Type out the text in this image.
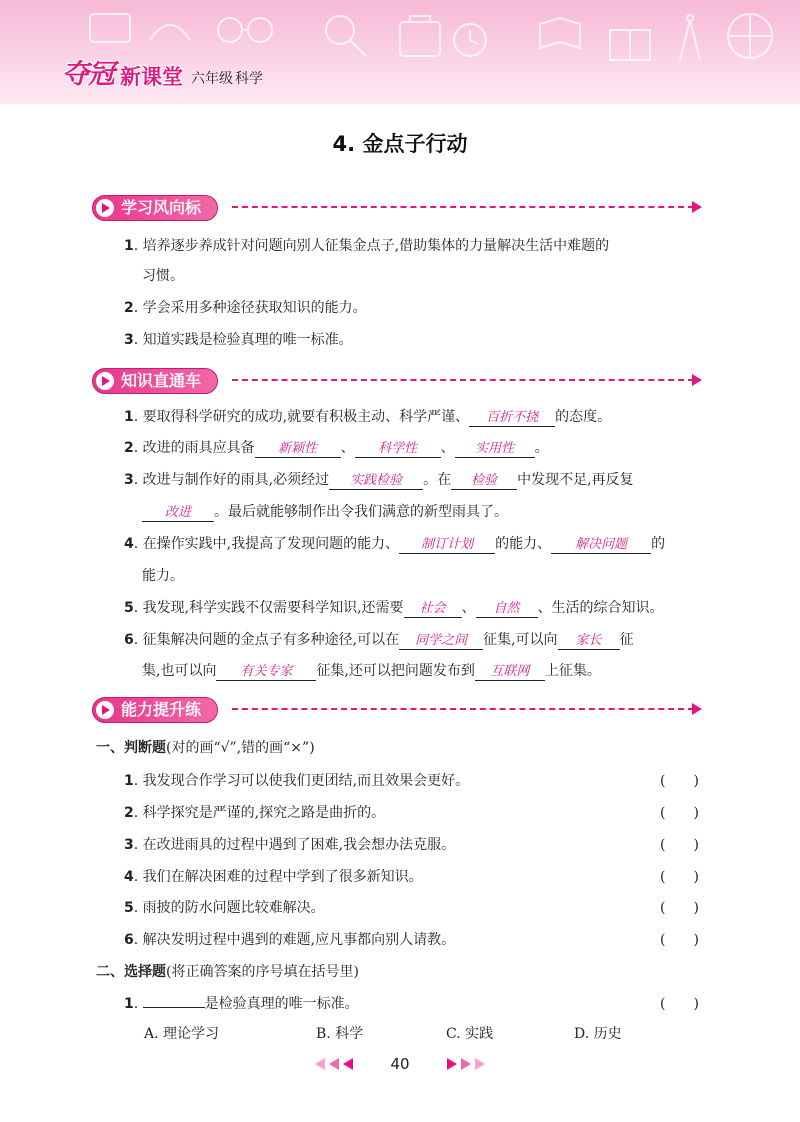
夺冠 新课堂 六年级 科学
4. 金点子行动
学习风向标
1. 培养逐步养成针对问题向别人征集金点子,借助集体的力量解决生活中难题的
习惯。
2. 学会采用多种途径获取知识的能力。
3. 知道实践是检验真理的唯一标准。
知识直通车
1. 要取得科学研究的成功,就要有积极主动、科学严谨、 百折不挠 的态度。
2. 改进的雨具应具备 新颖性 、 科学性 、 实用性 。
3. 改进与制作好的雨具,必须经过 实践检验 。在 检验 中发现不足,再反复
改进 。最后就能够制作出令我们满意的新型雨具了。
4. 在操作实践中,我提高了发现问题的能力、 制订计划 的能力、 解决问题 的
能力。
5. 我发现,科学实践不仅需要科学知识,还需要 社会 、 自然 、生活的综合知识。
6. 征集解决问题的金点子有多种途径,可以在 同学之间 征集,可以向 家长 征
集,也可以向 有关专家 征集,还可以把问题发布到 互联网 上征集。
能力提升练
一、判断题(对的画“√”,错的画“×”)
1. 我发现合作学习可以使我们更团结,而且效果会更好。	(　　)
2. 科学探究是严谨的,探究之路是曲折的。	(　　)
3. 在改进雨具的过程中遇到了困难,我会想办法克服。	(　　)
4. 我们在解决困难的过程中学到了很多新知识。	(　　)
5. 雨披的防水问题比较难解决。	(　　)
6. 解决发明过程中遇到的难题,应凡事都向别人请教。	(　　)
二、选择题(将正确答案的序号填在括号里)
1.	是检验真理的唯一标准。	(　　)
A. 理论学习	B. 科学	C. 实践	D. 历史
40
